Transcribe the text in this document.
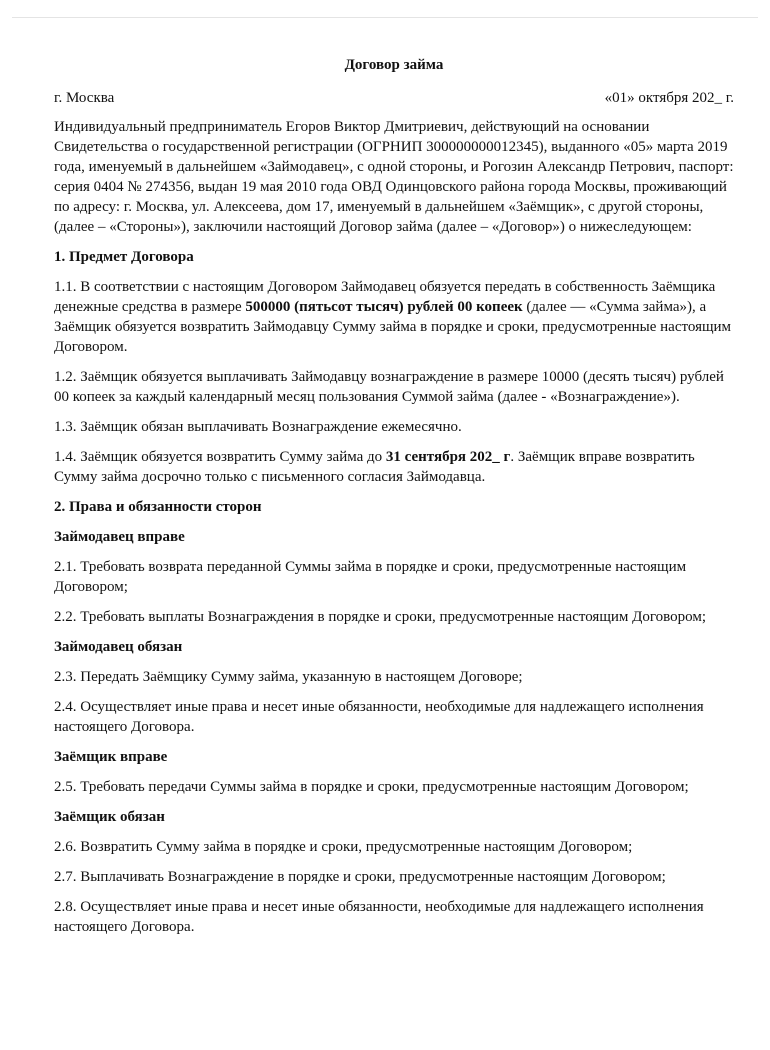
Договор займа
г. Москва	«01» октября 202_ г.

Индивидуальный предприниматель Егоров Виктор Дмитриевич, действующий на основании Свидетельства о государственной регистрации (ОГРНИП 300000000012345), выданного «05» марта 2019 года, именуемый в дальнейшем «Займодавец», с одной стороны, и Рогозин Александр Петрович, паспорт: серия 0404 № 274356, выдан 19 мая 2010 года ОВД Одинцовского района города Москвы, проживающий по адресу: г. Москва, ул. Алексеева, дом 17, именуемый в дальнейшем «Заёмщик», с другой стороны, (далее – «Стороны»), заключили настоящий Договор займа (далее – «Договор») о нижеследующем:

1. Предмет Договора

1.1. В соответствии с настоящим Договором Займодавец обязуется передать в собственность Заёмщика денежные средства в размере 500000 (пятьсот тысяч) рублей 00 копеек (далее — «Сумма займа»), а Заёмщик обязуется возвратить Займодавцу Сумму займа в порядке и сроки, предусмотренные настоящим Договором.

1.2. Заёмщик обязуется выплачивать Займодавцу вознаграждение в размере 10000 (десять тысяч) рублей 00 копеек за каждый календарный месяц пользования Суммой займа (далее - «Вознаграждение»).

1.3. Заёмщик обязан выплачивать Вознаграждение ежемесячно.

1.4. Заёмщик обязуется возвратить Сумму займа до 31 сентября 202_ г. Заёмщик вправе возвратить Сумму займа досрочно только с письменного согласия Займодавца.

2. Права и обязанности сторон

Займодавец вправе

2.1. Требовать возврата переданной Суммы займа в порядке и сроки, предусмотренные настоящим Договором;

2.2. Требовать выплаты Вознаграждения в порядке и сроки, предусмотренные настоящим Договором;

Займодавец обязан

2.3. Передать Заёмщику Сумму займа, указанную в настоящем Договоре;

2.4. Осуществляет иные права и несет иные обязанности, необходимые для надлежащего исполнения настоящего Договора.

Заёмщик вправе

2.5. Требовать передачи Суммы займа в порядке и сроки, предусмотренные настоящим Договором;

Заёмщик обязан

2.6. Возвратить Сумму займа в порядке и сроки, предусмотренные настоящим Договором;

2.7. Выплачивать Вознаграждение в порядке и сроки, предусмотренные настоящим Договором;

2.8. Осуществляет иные права и несет иные обязанности, необходимые для надлежащего исполнения настоящего Договора.
